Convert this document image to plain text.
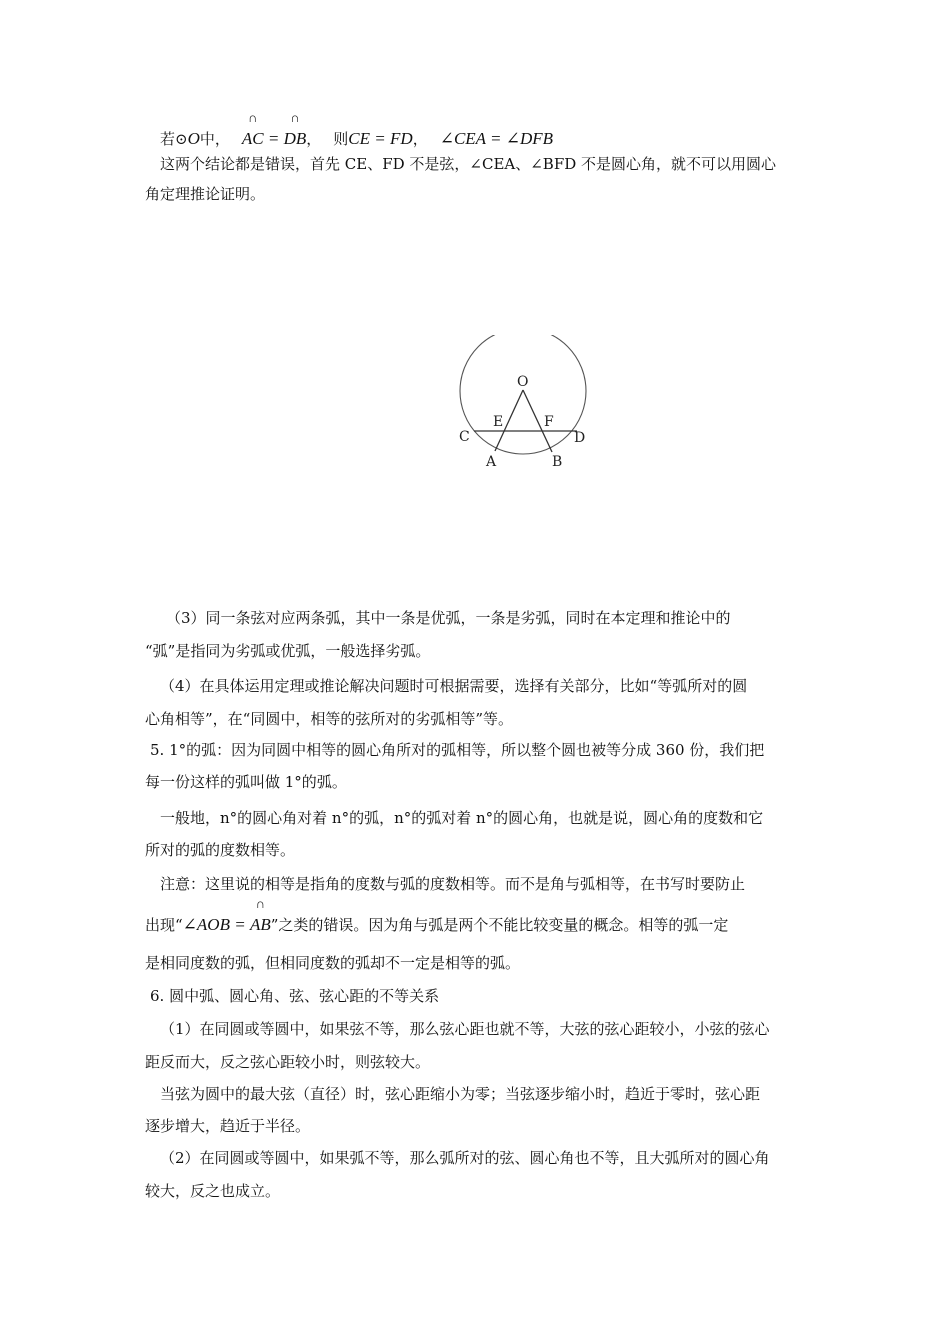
若⊙O中，∩ AC = ∩ DB， 则CE = FD， ∠CEA = ∠DFB
这两个结论都是错误，首先 CE、FD 不是弦，∠CEA、∠BFD 不是圆心角，就不可以用圆心
角定理推论证明。
O
E	F
C	D
A	B
（3）同一条弦对应两条弧，其中一条是优弧，一条是劣弧，同时在本定理和推论中的
“弧”是指同为劣弧或优弧，一般选择劣弧。
（4）在具体运用定理或推论解决问题时可根据需要，选择有关部分，比如“等弧所对的圆
心角相等”，在“同圆中，相等的弦所对的劣弧相等”等。
5. 1°的弧：因为同圆中相等的圆心角所对的弧相等，所以整个圆也被等分成 360 份，我们把
每一份这样的弧叫做 1°的弧。
一般地，n°的圆心角对着 n°的弧，n°的弧对着 n°的圆心角，也就是说，圆心角的度数和它
所对的弧的度数相等。
注意：这里说的相等是指角的度数与弧的度数相等。而不是角与弧相等，在书写时要防止
出现“∠AOB = ∩ AB”之类的错误。因为角与弧是两个不能比较变量的概念。相等的弧一定
是相同度数的弧，但相同度数的弧却不一定是相等的弧。
6. 圆中弧、圆心角、弦、弦心距的不等关系
（1）在同圆或等圆中，如果弦不等，那么弦心距也就不等，大弦的弦心距较小，小弦的弦心
距反而大，反之弦心距较小时，则弦较大。
当弦为圆中的最大弦（直径）时，弦心距缩小为零；当弦逐步缩小时，趋近于零时，弦心距
逐步增大，趋近于半径。
（2）在同圆或等圆中，如果弧不等，那么弧所对的弦、圆心角也不等，且大弧所对的圆心角
较大，反之也成立。
